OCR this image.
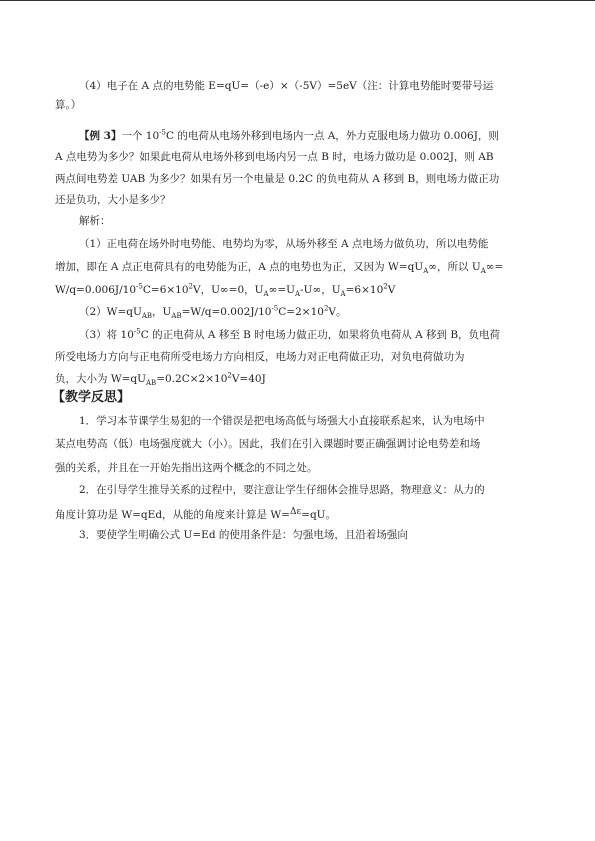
（4）电子在 A 点的电势能 E=qU=（-e）×（-5V）=5eV（注：计算电势能时要带号运
算。）
【例 3】一个 $10^{-5}C$ 的电荷从电场外移到电场内一点 A，外力克服电场力做功 0.006J，则
A 点电势为多少？如果此电荷从电场外移到电场内另一点 B 时，电场力做功是 0.002J，则 AB
两点间电势差 UAB 为多少？如果有另一个电量是 0.2C 的负电荷从 A 移到 B，则电场力做正功
还是负功，大小是多少？
解析：
（1）正电荷在场外时电势能、电势均为零，从场外移至 A 点电场力做负功，所以电势能
增加，即在 A 点正电荷具有的电势能为正，A 点的电势也为正，又因为 $W=qU_A\infty$，所以 $U_A\infty=$
$W/q=0.006J/10^{-5}C=6\times 10^2V$，U∞=0，$U_A\infty=U_A-U\infty$，$U_A=6\times 10^2V$
$(2)W=qU_{AB}$，$U_{AB}=W/q=0.002J/10^{-5}C=2\times 10^2V$。
（3）将 $10^{-5}C$ 的正电荷从 A 移至 B 时电场力做正功，如果将负电荷从 A 移到 B，负电荷
所受电场力方向与正电荷所受电场力方向相反，电场力对正电荷做正功，对负电荷做功为
负，大小为 $W=qU_{AB}=0.2C\times 2\times 10^2V=40J$
【教学反思】
1．学习本节课学生易犯的一个错误是把电场高低与场强大小直接联系起来，认为电场中
某点电势高（低）电场强度就大（小）。因此，我们在引入课题时要正确强调讨论电势差和场
强的关系，并且在一开始先指出这两个概念的不同之处。
2．在引导学生推导关系的过程中，要注意让学生仔细体会推导思路，物理意义：从力的
角度计算功是 W=qEd，从能的角度来计算是 W=Δε=qU。
3．要使学生明确公式 U=Ed 的使用条件是：匀强电场，且沿着场强向
